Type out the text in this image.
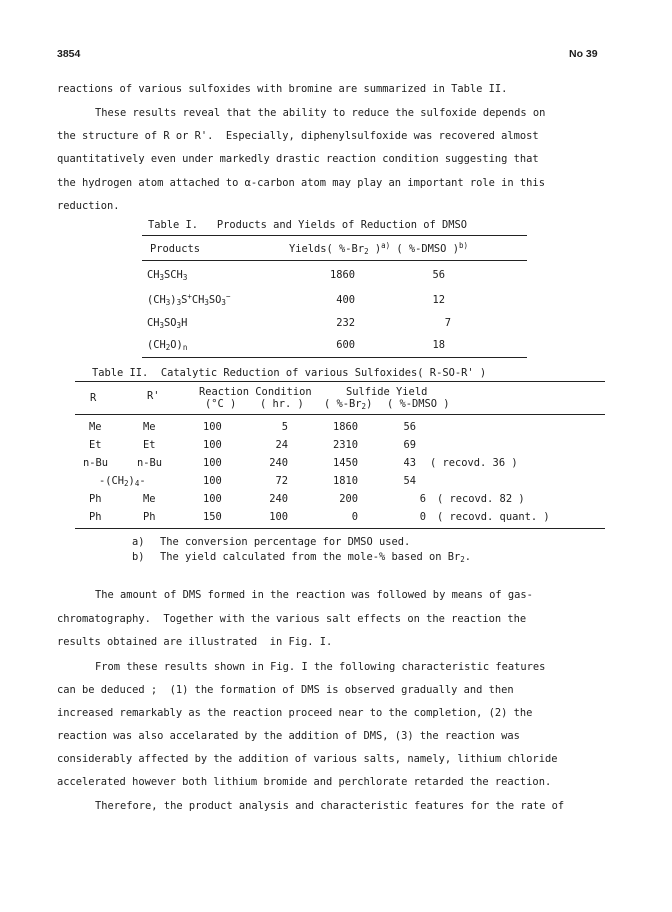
3854	No 39
reactions of various sulfoxides with bromine are summarized in Table II.
These results reveal that the ability to reduce the sulfoxide depends on
the structure of R or R'.  Especially, diphenylsulfoxide was recovered almost
quantitatively even under markedly drastic reaction condition suggesting that
the hydrogen atom attached to α-carbon atom may play an important role in this
reduction.
Table I.   Products and Yields of Reduction of DMSO
Products	Yields( $\%-Br_2$ )$^{a)}$ ( %-DMSO )$^{b)}$
$CH_3SCH_3$	1860	56
$(CH_3)_3S^+CH_3SO_3^-$	400	12
$CH_3SO_3H$	232	7
$(CH_2O)_n$	600	18
Table II.  Catalytic Reduction of various Sulfoxides( R-SO-R' )
R	R'	Reaction Condition
(°C ) ( hr. )
Sulfide Yield
( $\%-Br_2$) ( %-DMSO )
Me	Me	100	5	1860	56
Et	Et	100	24	2310	69
n-Bu	n-Bu	100	240	1450	43 ( recovd. 36 )
$-(CH_2)_4-$	100	72	1810	54
Ph	Me	100	240	200	6 ( recovd. 82 )
Ph	Ph	150	100	0	0 ( recovd. quant. )
a) The conversion percentage for DMSO used.
b) The yield calculated from the mole-% based on $Br_2$.
The amount of DMS formed in the reaction was followed by means of gas-
chromatography.  Together with the various salt effects on the reaction the
results obtained are illustrated  in Fig. I.
From these results shown in Fig. I the following characteristic features
can be deduced ;  (1) the formation of DMS is observed gradually and then
increased remarkably as the reaction proceed near to the completion, (2) the
reaction was also accelarated by the addition of DMS, (3) the reaction was
considerably affected by the addition of various salts, namely, lithium chloride
accelerated however both lithium bromide and perchlorate retarded the reaction.
Therefore, the product analysis and characteristic features for the rate of
